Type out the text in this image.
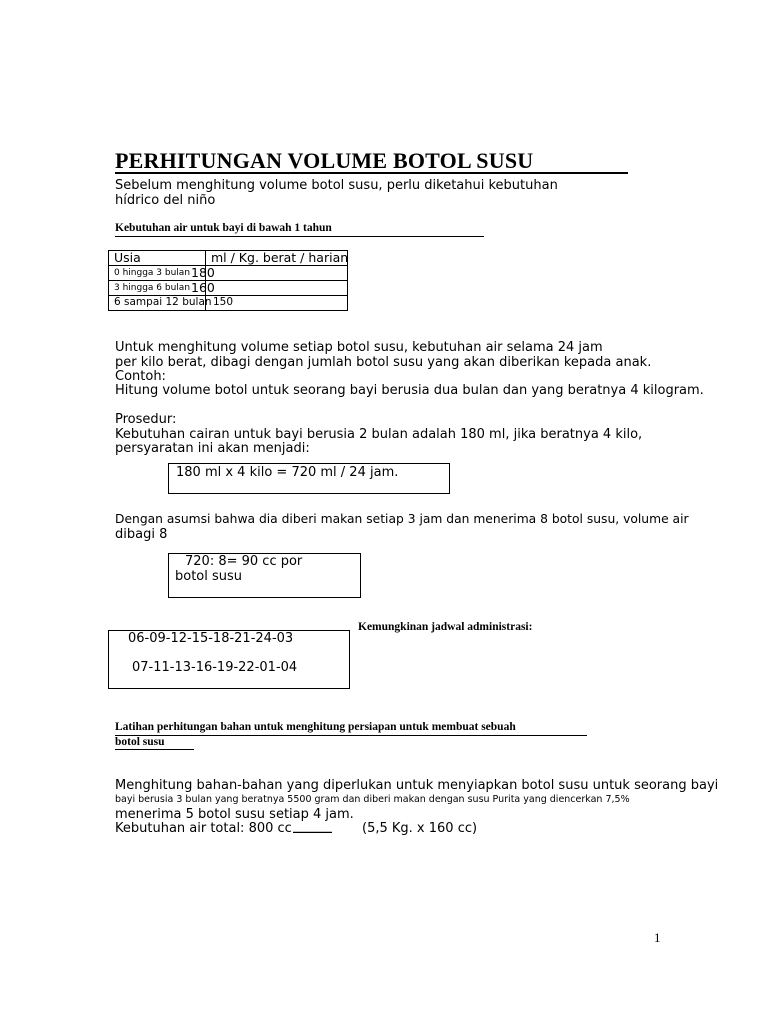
PERHITUNGAN VOLUME BOTOL SUSU
Sebelum menghitung volume botol susu, perlu diketahui kebutuhan
hídrico del niño
Kebutuhan air untuk bayi di bawah 1 tahun
Usia	ml / Kg. berat / harian
0 hingga 3 bulan 180
3 hingga 6 bulan 160
6 sampai 12 bulan 150
Untuk menghitung volume setiap botol susu, kebutuhan air selama 24 jam
per kilo berat, dibagi dengan jumlah botol susu yang akan diberikan kepada anak.
Contoh:
Hitung volume botol untuk seorang bayi berusia dua bulan dan yang beratnya 4 kilogram.
Prosedur:
Kebutuhan cairan untuk bayi berusia 2 bulan adalah 180 ml, jika beratnya 4 kilo,
persyaratan ini akan menjadi:
180 ml x 4 kilo = 720 ml / 24 jam.
Dengan asumsi bahwa dia diberi makan setiap 3 jam dan menerima 8 botol susu, volume air
dibagi 8
720: 8= 90 cc por
botol susu
Kemungkinan jadwal administrasi:
06-09-12-15-18-21-24-03
07-11-13-16-19-22-01-04
Latihan perhitungan bahan untuk menghitung persiapan untuk membuat sebuah
botol susu
Menghitung bahan-bahan yang diperlukan untuk menyiapkan botol susu untuk seorang bayi
bayi berusia 3 bulan yang beratnya 5500 gram dan diberi makan dengan susu Purita yang diencerkan 7,5%
menerima 5 botol susu setiap 4 jam.
Kebutuhan air total: 800 cc ______ (5,5 Kg. x 160 cc)
1
